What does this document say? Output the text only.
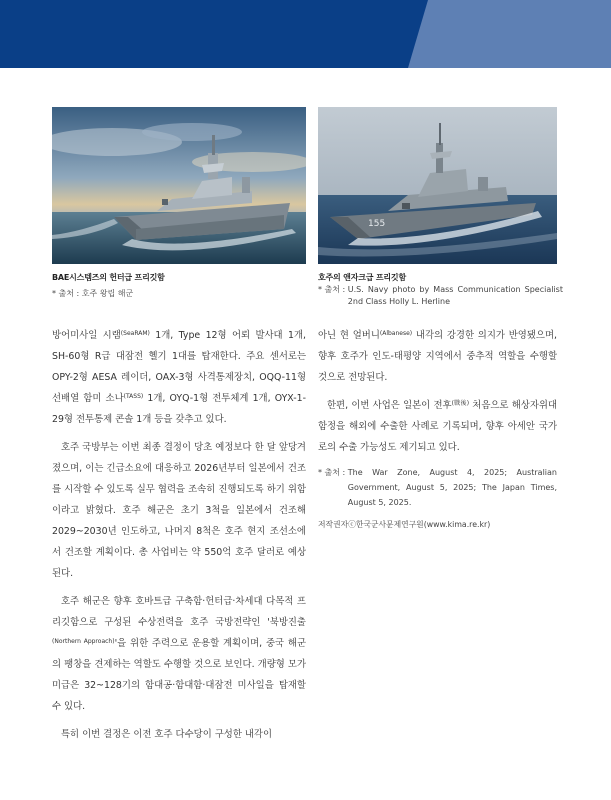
155
BAE시스템즈의 헌터급 프리깃함
* 출처 : 호주 왕립 해군
호주의 앤자크급 프리깃함
* 출처 : U.S. Navy photo by Mass Communication Specialist 2nd Class Holly L. Herline

방어미사일 시램$^{(SeaRAM)}$ 1개, Type 12형 어뢰 발사대 1개, SH-60형 R급 대잠전 헬기 1대를 탑재한다. 주요 센서로는 OPY-2형 AESA 레이더, OAX-3형 사격통제장치, OQQ-11형 선배열 함미 소나$^{(TASS)}$ 1개, OYQ-1형 전투체계 1개, OYX-1-29형 전투통제 콘솔 1개 등을 갖추고 있다.

호주 국방부는 이번 최종 결정이 당초 예정보다 한 달 앞당겨졌으며, 이는 긴급소요에 대응하고 2026년부터 일본에서 건조를 시작할 수 있도록 실무 협력을 조속히 진행되도록 하기 위함이라고 밝혔다. 호주 해군은 초기 3척을 일본에서 건조해 2029~2030년 인도하고, 나머지 8척은 호주 현지 조선소에서 건조할 계획이다. 총 사업비는 약 550억 호주 달러로 예상된다.

호주 해군은 향후 호바트급 구축함·헌터급·차세대 다목적 프리깃함으로 구성된 수상전력을 호주 국방전략인 '북방진출$^{(Northern Approach)}$'을 위한 주력으로 운용할 계획이며, 중국 해군의 팽창을 견제하는 역할도 수행할 것으로 보인다. 개량형 모가미급은 32~128기의 함대공·함대함·대잠전 미사일을 탑재할 수 있다.

특히 이번 결정은 이전 호주 다수당이 구성한 내각이

아닌 현 얼버니$^{(Albanese)}$ 내각의 강경한 의지가 반영됐으며, 향후 호주가 인도-태평양 지역에서 중추적 역할을 수행할 것으로 전망된다.

한편, 이번 사업은 일본이 전후$^{(戰後)}$ 처음으로 해상자위대 함정을 해외에 수출한 사례로 기록되며, 향후 아세안 국가로의 수출 가능성도 제기되고 있다.

* 출처 : The War Zone, August 4, 2025; Australian Government, August 5, 2025; The Japan Times, August 5, 2025.
저작권자ⓒ한국군사문제연구원(www.kima.re.kr)
